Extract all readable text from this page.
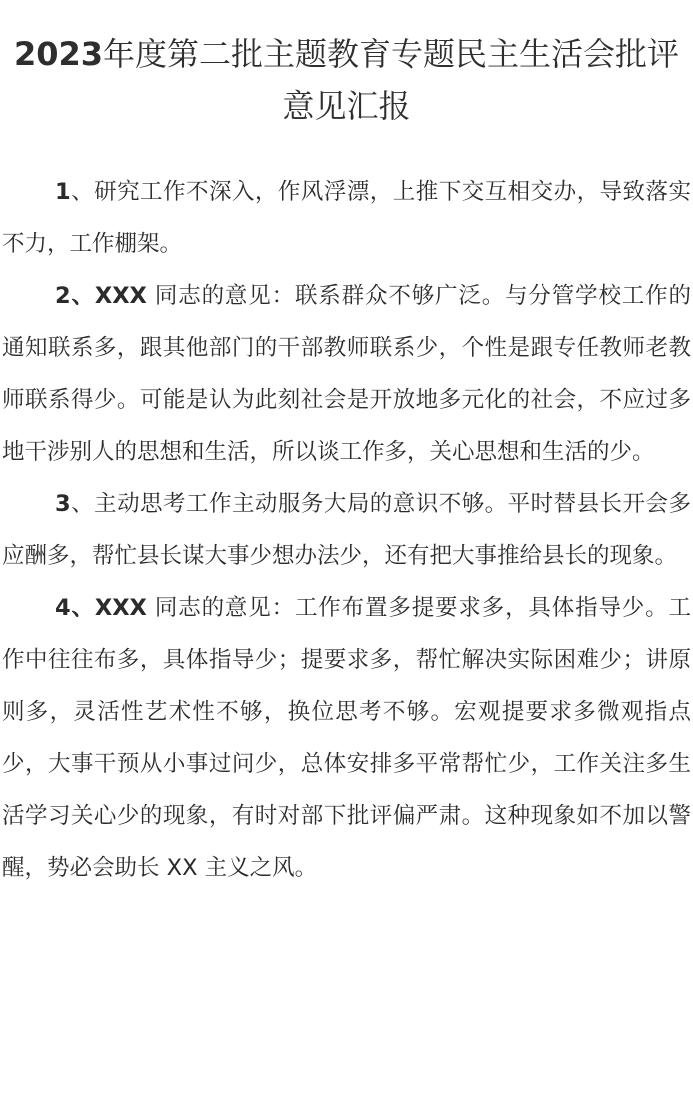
2023年度第二批主题教育专题民主生活会批评意见汇报

1、研究工作不深入，作风浮漂，上推下交互相交办，导致落实不力，工作棚架。

2、XXX 同志的意见：联系群众不够广泛。与分管学校工作的通知联系多，跟其他部门的干部教师联系少，个性是跟专任教师老教师联系得少。可能是认为此刻社会是开放地多元化的社会，不应过多地干涉别人的思想和生活，所以谈工作多，关心思想和生活的少。

3、主动思考工作主动服务大局的意识不够。平时替县长开会多应酬多，帮忙县长谋大事少想办法少，还有把大事推给县长的现象。

4、XXX 同志的意见：工作布置多提要求多，具体指导少。工作中往往布多，具体指导少；提要求多，帮忙解决实际困难少；讲原则多，灵活性艺术性不够，换位思考不够。宏观提要求多微观指点少，大事干预从小事过问少，总体安排多平常帮忙少，工作关注多生活学习关心少的现象，有时对部下批评偏严肃。这种现象如不加以警醒，势必会助长 XX 主义之风。
